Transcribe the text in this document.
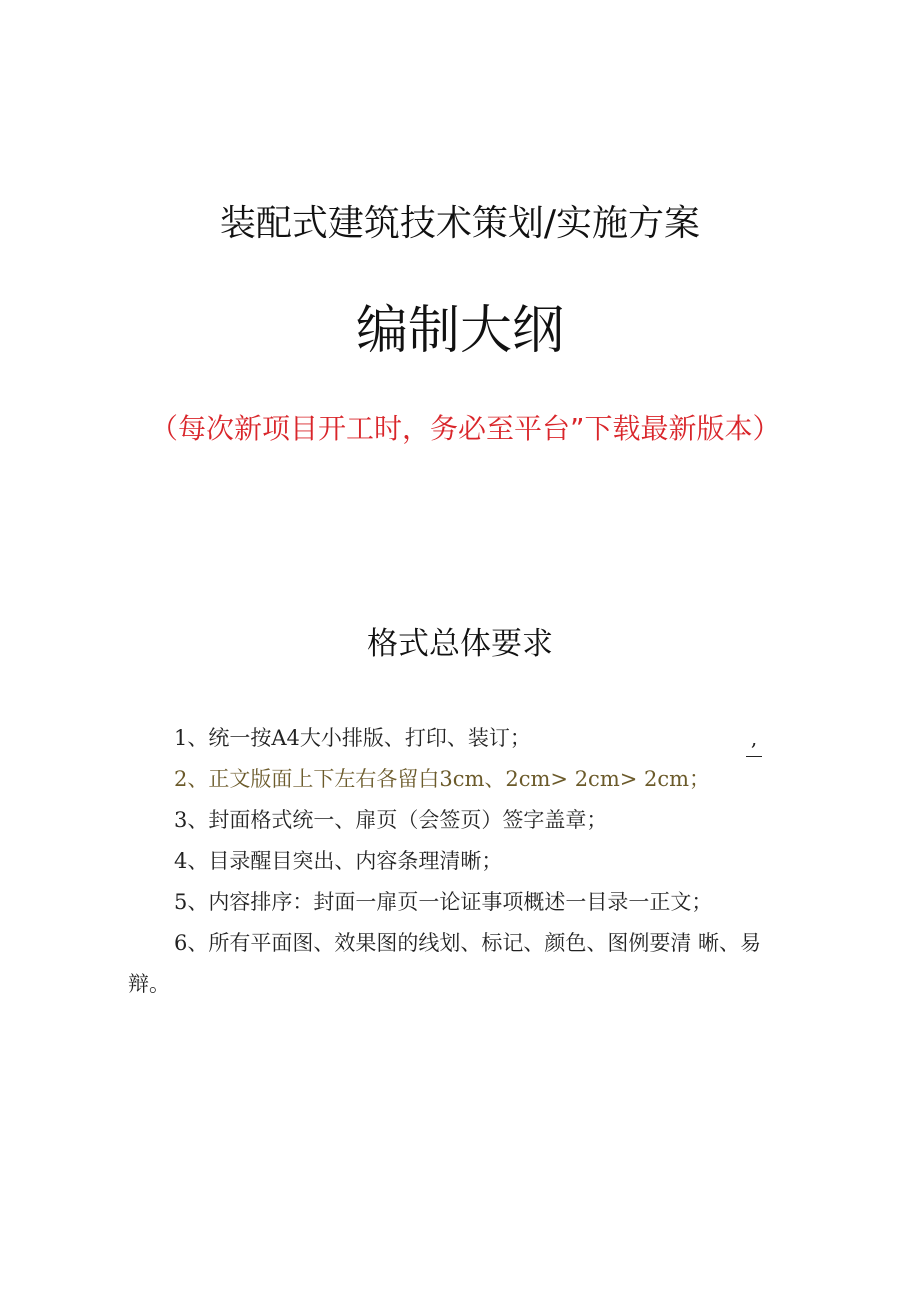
装配式建筑技术策划/实施方案
编制大纲
（每次新项目开工时，务必至平台”下载最新版本）
格式总体要求
1、统一按A4大小排版、打印、装订；
2、正文版面上下左右各留白3cm、2cm> 2cm> 2cm；
3、封面格式统一、扉页（会签页）签字盖章；
4、目录醒目突出、内容条理清晰；
5、内容排序：封面一扉页一论证事项概述一目录一正文；
6、所有平面图、效果图的线划、标记、颜色、图例要清 晰、易辩。
,
